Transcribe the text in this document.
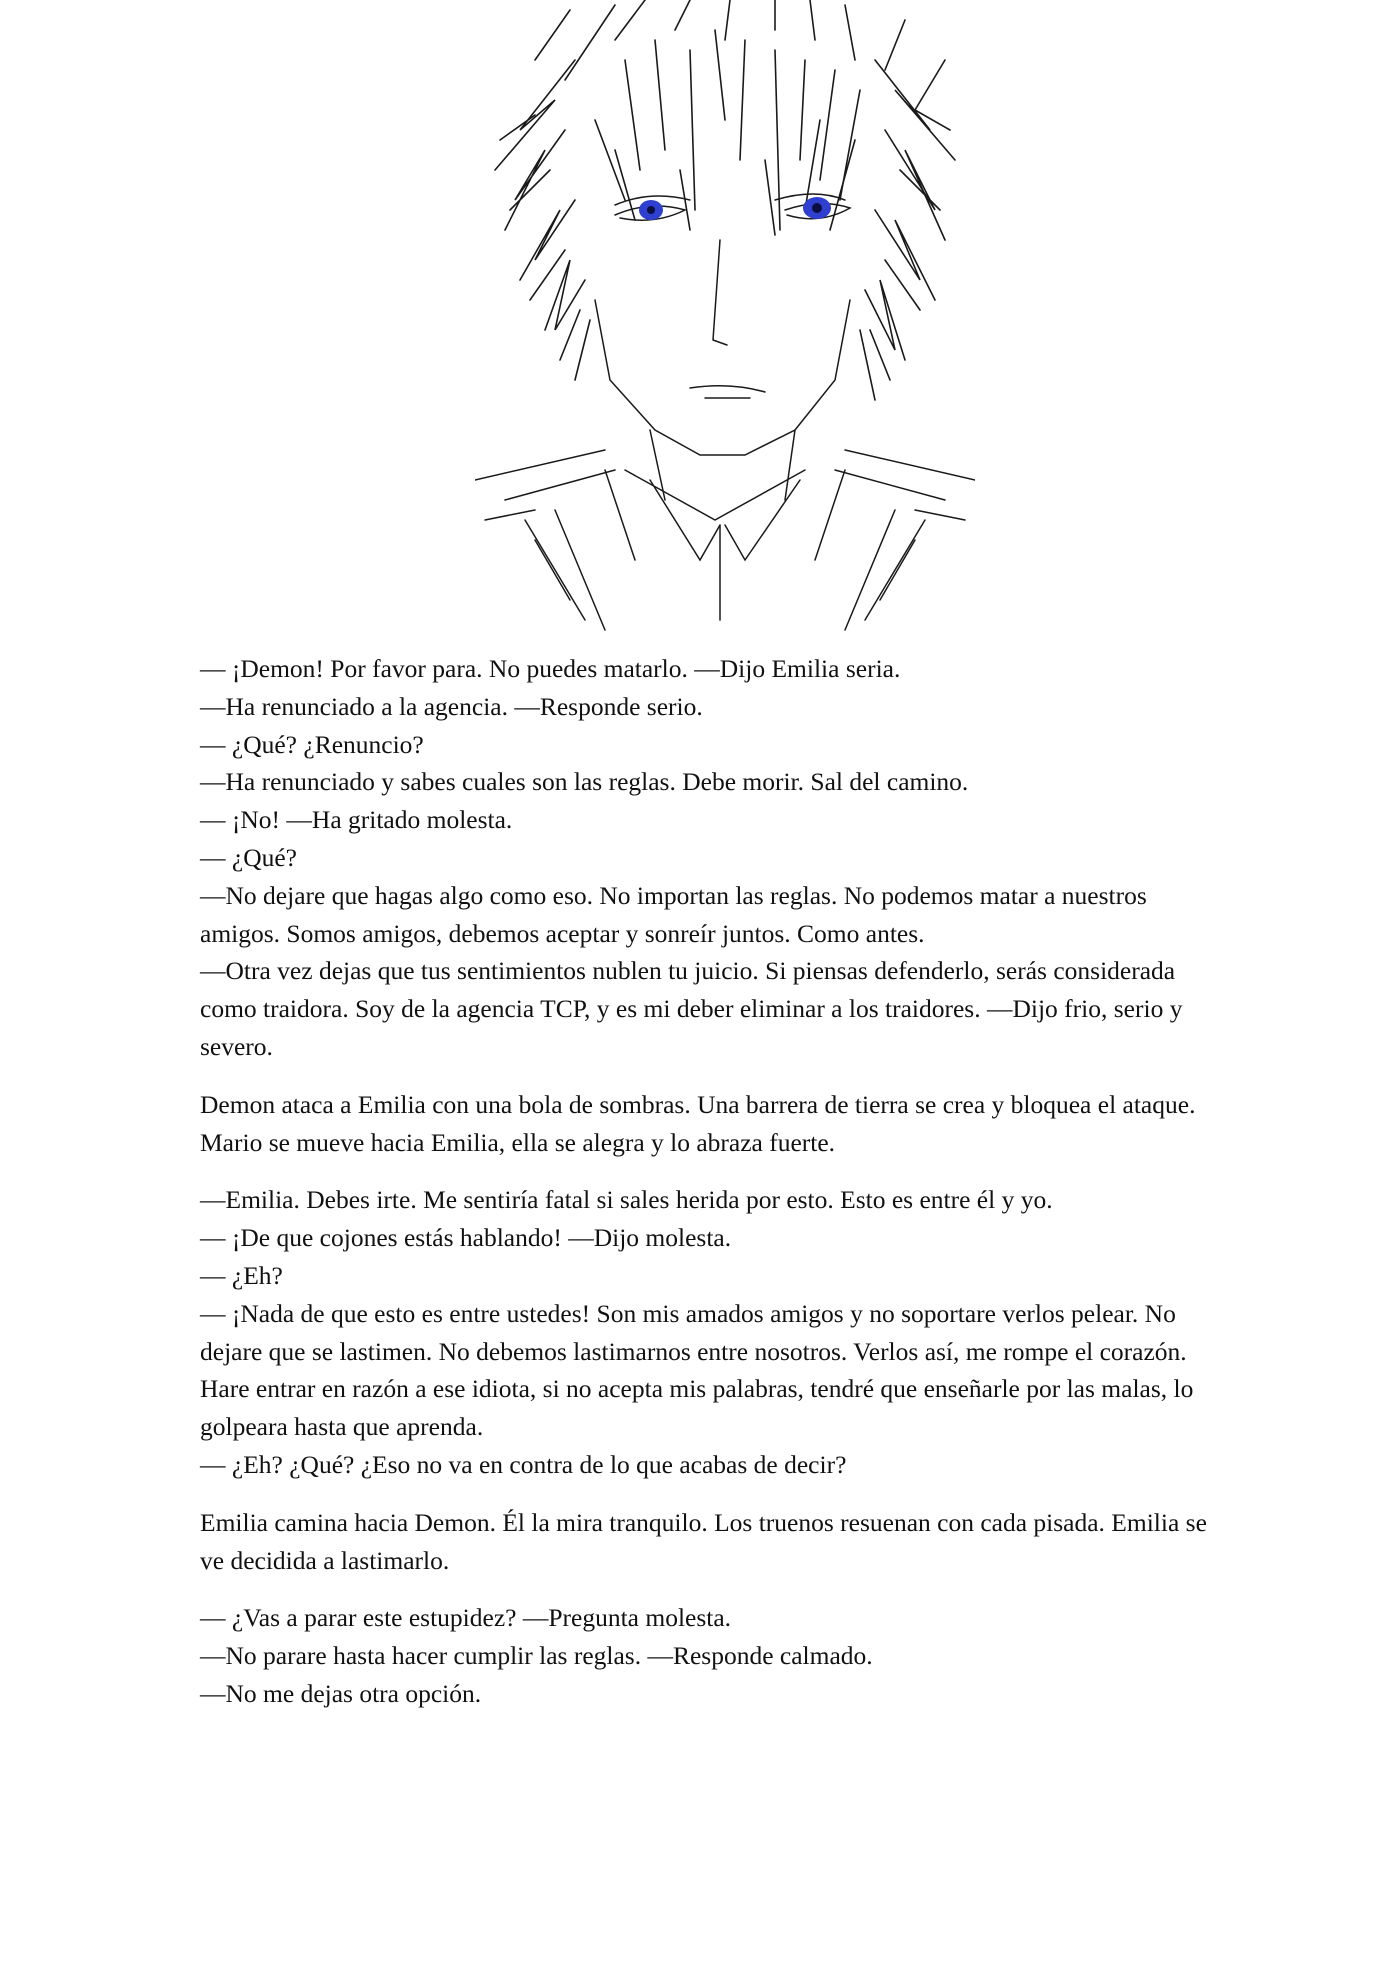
— ¡Demon! Por favor para. No puedes matarlo. —Dijo Emilia seria.

—Ha renunciado a la agencia. —Responde serio.

— ¿Qué? ¿Renuncio?

—Ha renunciado y sabes cuales son las reglas. Debe morir. Sal del camino.

— ¡No! —Ha gritado molesta.

— ¿Qué?

—No dejare que hagas algo como eso. No importan las reglas. No podemos matar a nuestros amigos. Somos amigos, debemos aceptar y sonreír juntos. Como antes.

—Otra vez dejas que tus sentimientos nublen tu juicio. Si piensas defenderlo, serás considerada como traidora. Soy de la agencia TCP, y es mi deber eliminar a los traidores. —Dijo frio, serio y severo.

Demon ataca a Emilia con una bola de sombras. Una barrera de tierra se crea y bloquea el ataque. Mario se mueve hacia Emilia, ella se alegra y lo abraza fuerte.

—Emilia. Debes irte. Me sentiría fatal si sales herida por esto. Esto es entre él y yo.

— ¡De que cojones estás hablando! —Dijo molesta.

— ¿Eh?

— ¡Nada de que esto es entre ustedes! Son mis amados amigos y no soportare verlos pelear. No dejare que se lastimen. No debemos lastimarnos entre nosotros. Verlos así, me rompe el corazón. Hare entrar en razón a ese idiota, si no acepta mis palabras, tendré que enseñarle por las malas, lo golpeara hasta que aprenda.

— ¿Eh? ¿Qué? ¿Eso no va en contra de lo que acabas de decir?

Emilia camina hacia Demon. Él la mira tranquilo. Los truenos resuenan con cada pisada. Emilia se ve decidida a lastimarlo.

— ¿Vas a parar este estupidez? —Pregunta molesta.

—No parare hasta hacer cumplir las reglas. —Responde calmado.

—No me dejas otra opción.
